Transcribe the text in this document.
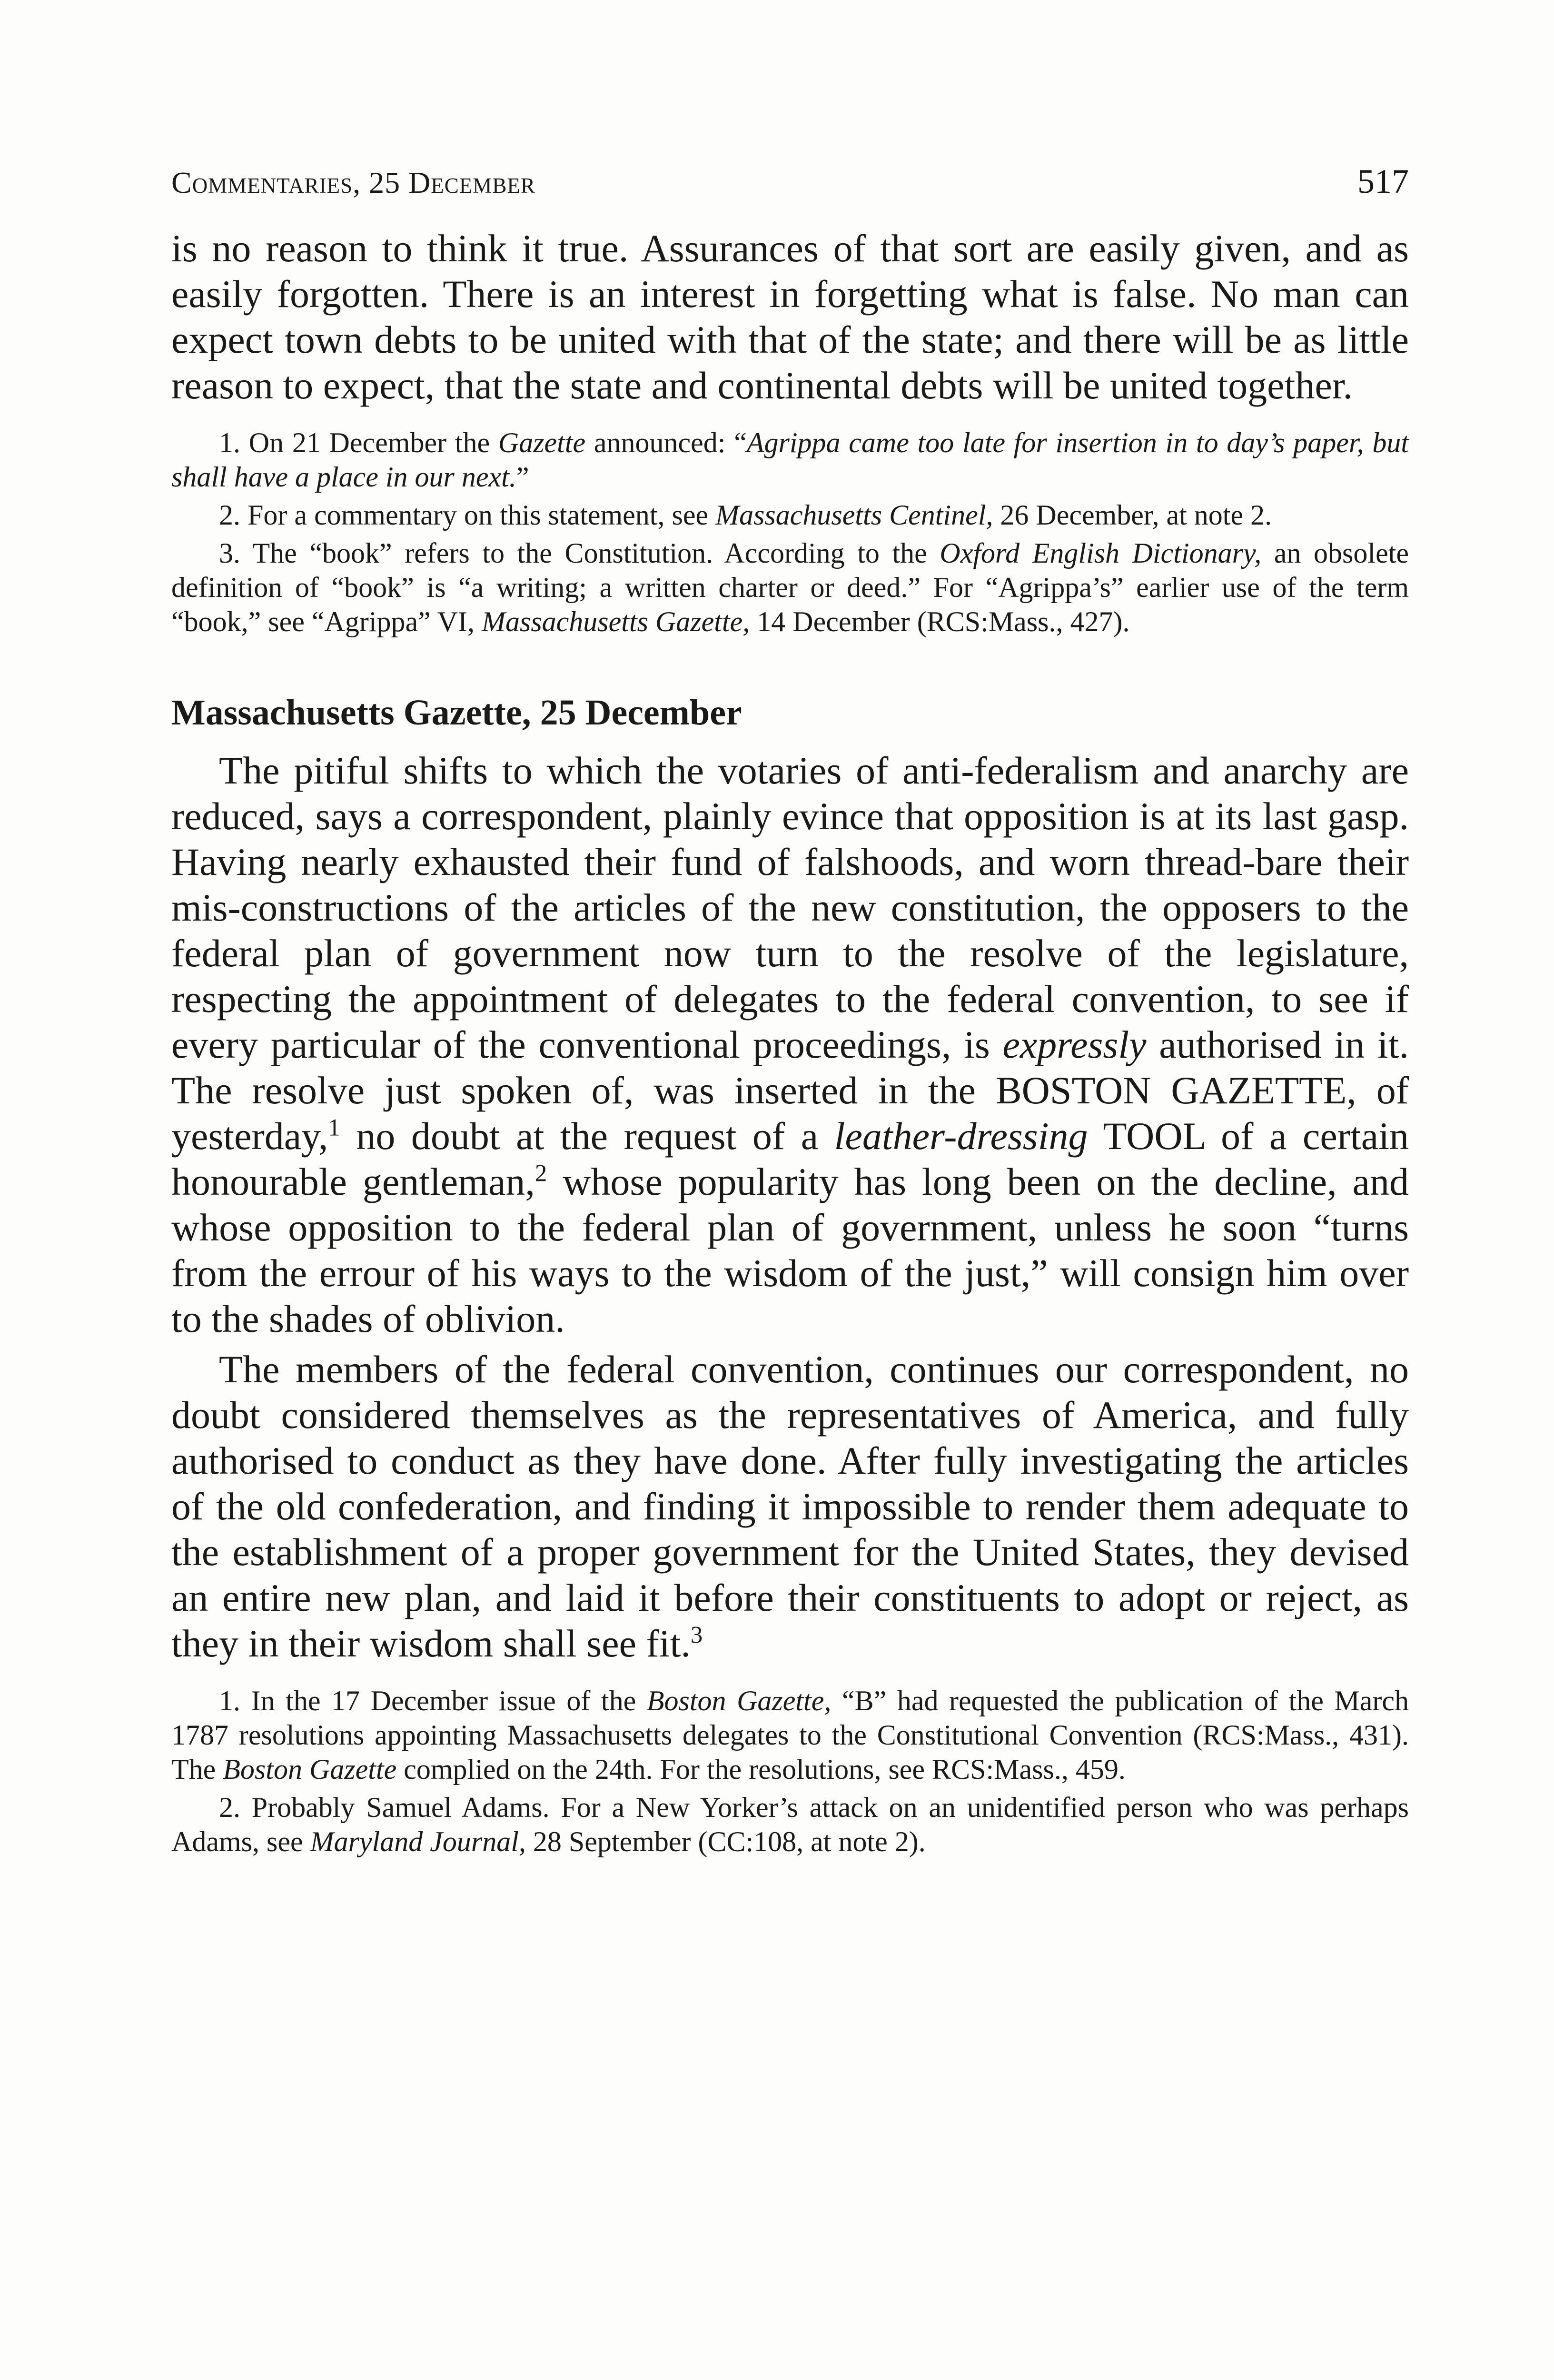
Commentaries, 25 December	517

is no reason to think it true. Assurances of that sort are easily given, and as easily forgotten. There is an interest in forgetting what is false. No man can expect town debts to be united with that of the state; and there will be as little reason to expect, that the state and continental debts will be united together.

1. On 21 December the Gazette announced: “Agrippa came too late for insertion in to day’s paper, but shall have a place in our next.”

2. For a commentary on this statement, see Massachusetts Centinel, 26 December, at note 2.

3. The “book” refers to the Constitution. According to the Oxford English Dictionary, an obsolete definition of “book” is “a writing; a written charter or deed.” For “Agrippa’s” earlier use of the term “book,” see “Agrippa” VI, Massachusetts Gazette, 14 December (RCS:Mass., 427).

Massachusetts Gazette, 25 December

The pitiful shifts to which the votaries of anti-federalism and anarchy are reduced, says a correspondent, plainly evince that opposition is at its last gasp. Having nearly exhausted their fund of falshoods, and worn thread-bare their mis-constructions of the articles of the new constitution, the opposers to the federal plan of government now turn to the resolve of the legislature, respecting the appointment of delegates to the federal convention, to see if every particular of the conventional proceedings, is expressly authorised in it. The resolve just spoken of, was inserted in the BOSTON GAZETTE, of yesterday,$^1$ no doubt at the request of a leather-dressing TOOL of a certain honourable gentleman,$^2$ whose popularity has long been on the decline, and whose opposition to the federal plan of government, unless he soon “turns from the errour of his ways to the wisdom of the just,” will consign him over to the shades of oblivion.

The members of the federal convention, continues our correspondent, no doubt considered themselves as the representatives of America, and fully authorised to conduct as they have done. After fully investigating the articles of the old confederation, and finding it impossible to render them adequate to the establishment of a proper government for the United States, they devised an entire new plan, and laid it before their constituents to adopt or reject, as they in their wisdom shall see fit.$^3$

1. In the 17 December issue of the Boston Gazette, “B” had requested the publication of the March 1787 resolutions appointing Massachusetts delegates to the Constitutional Convention (RCS:Mass., 431). The Boston Gazette complied on the 24th. For the resolutions, see RCS:Mass., 459.

2. Probably Samuel Adams. For a New Yorker’s attack on an unidentified person who was perhaps Adams, see Maryland Journal, 28 September (CC:108, at note 2).
